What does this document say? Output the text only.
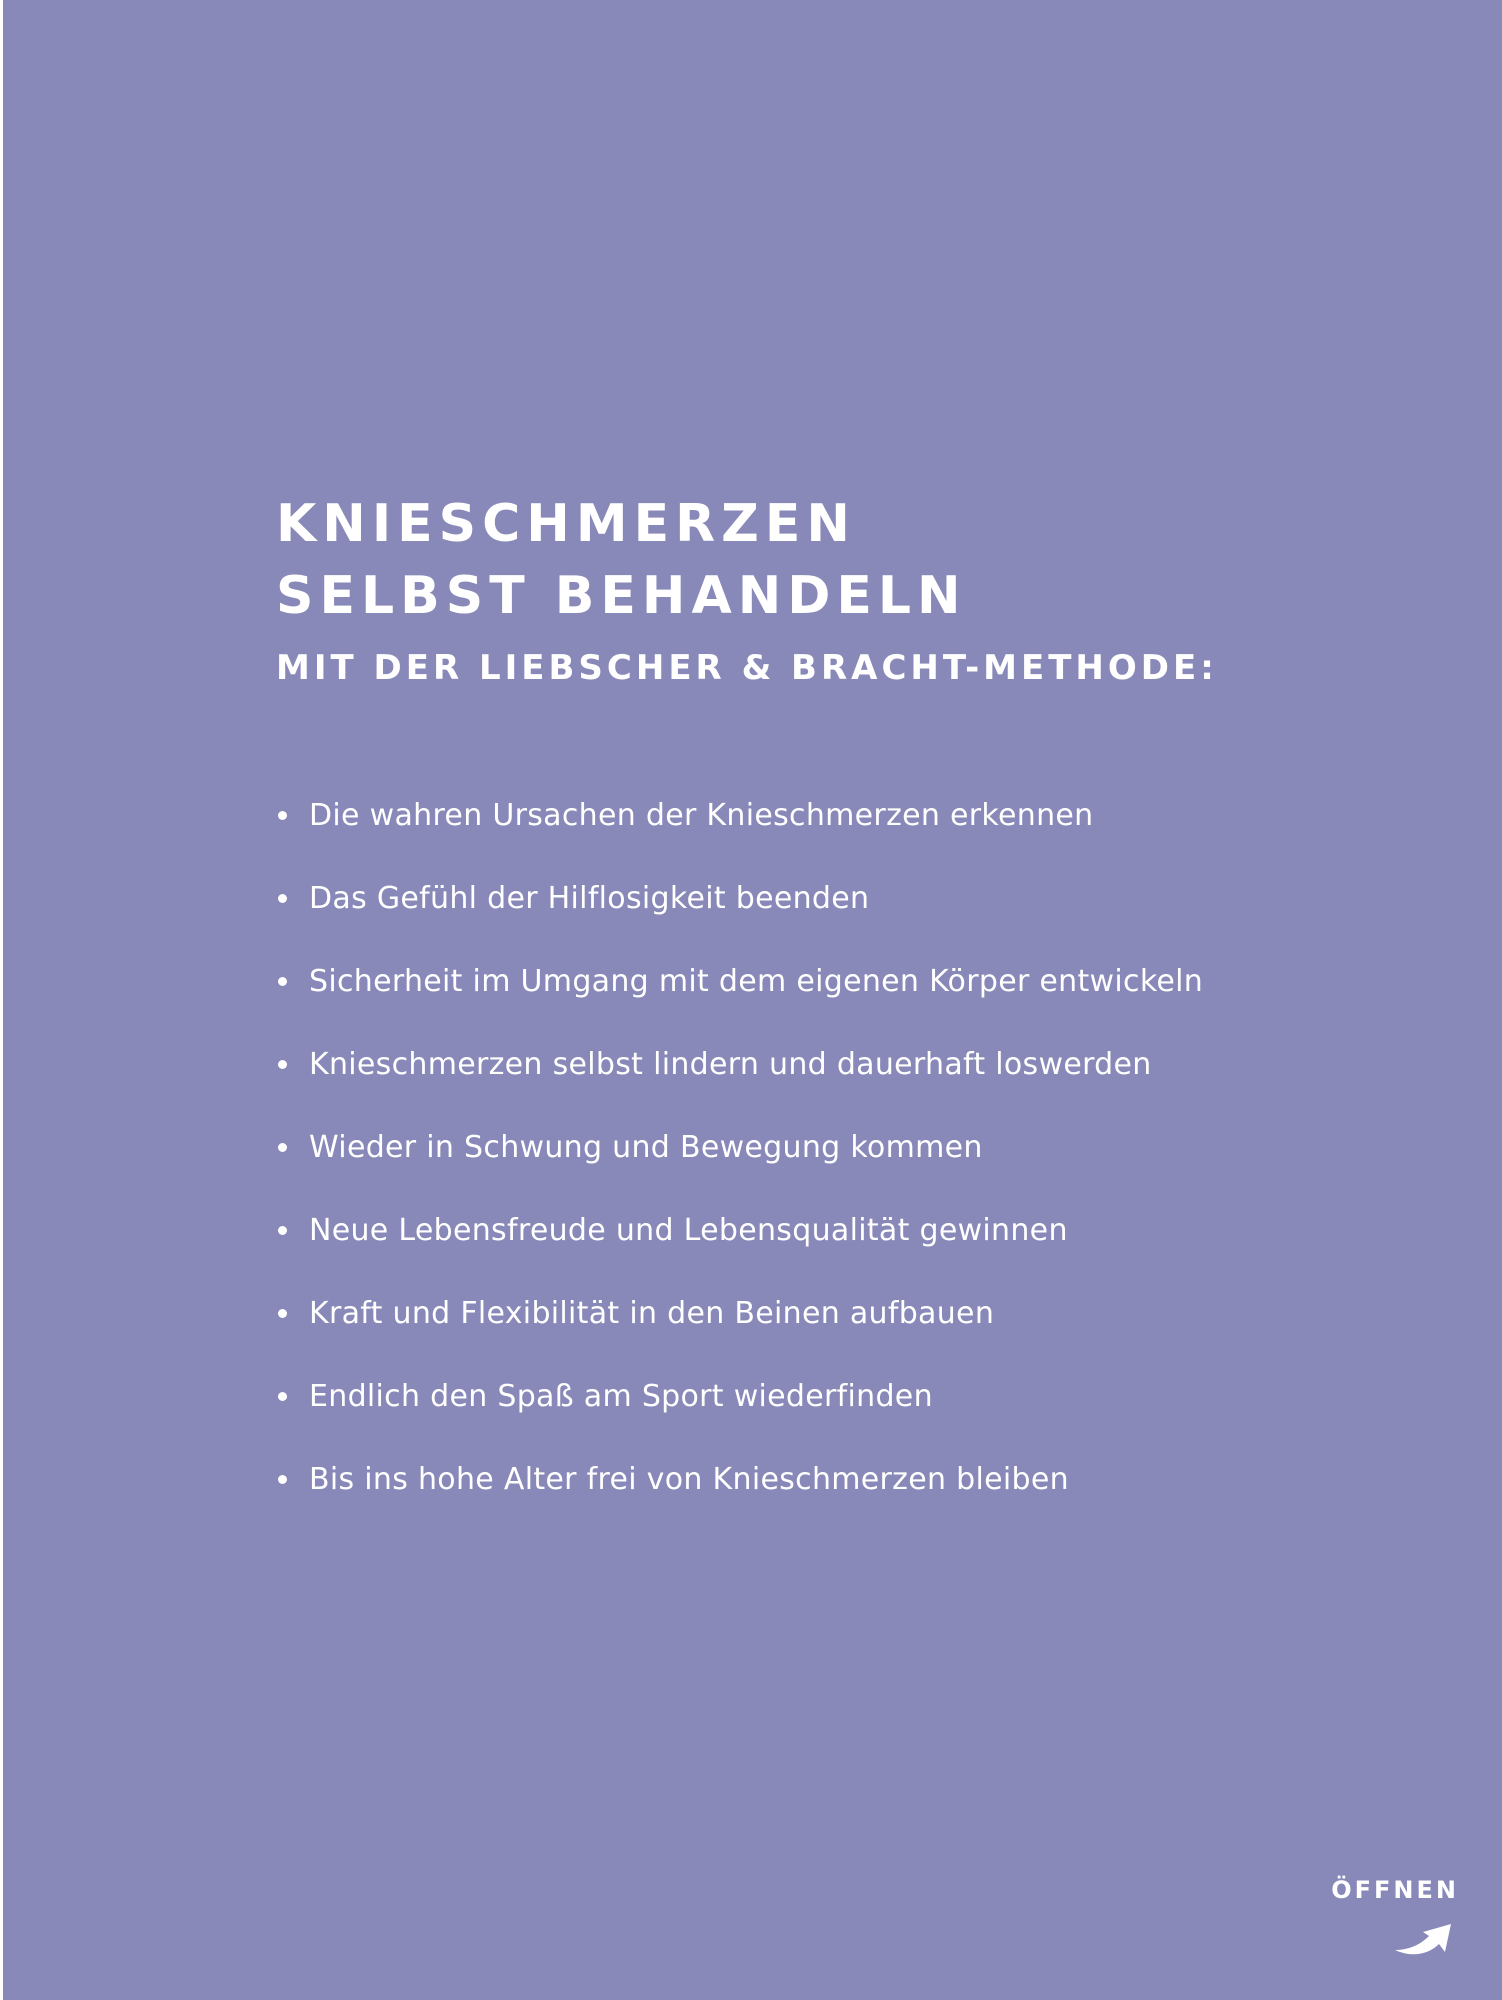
KNIESCHMERZEN
SELBST BEHANDELN
MIT DER LIEBSCHER & BRACHT-METHODE:
Die wahren Ursachen der Knieschmerzen erkennen
Das Gefühl der Hilflosigkeit beenden
Sicherheit im Umgang mit dem eigenen Körper entwickeln
Knieschmerzen selbst lindern und dauerhaft loswerden
Wieder in Schwung und Bewegung kommen
Neue Lebensfreude und Lebensqualität gewinnen
Kraft und Flexibilität in den Beinen aufbauen
Endlich den Spaß am Sport wiederfinden
Bis ins hohe Alter frei von Knieschmerzen bleiben
ÖFFNEN
